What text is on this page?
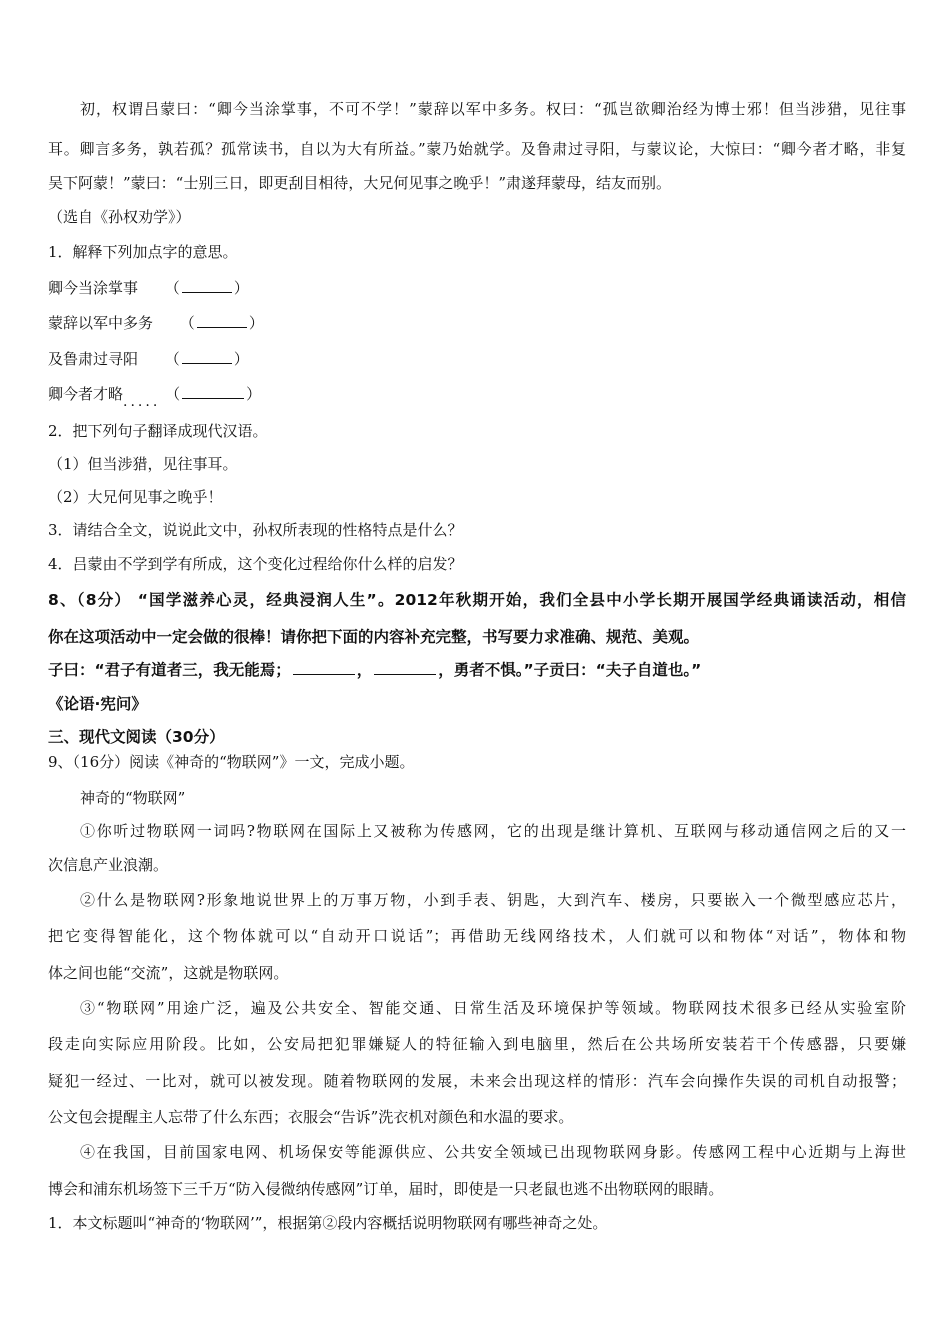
初，权谓吕蒙曰：“卿今当涂掌事，不可不学！”蒙辞以军中多务。权曰：“孤岂欲卿治经为博士邪！但当涉猎，见往事
耳。卿言多务，孰若孤？孤常读书，自以为大有所益。”蒙乃始就学。及鲁肃过寻阳，与蒙议论，大惊曰：“卿今者才略，非复
吴下阿蒙！”蒙曰：“士别三日，即更刮目相待，大兄何见事之晚乎！”肃遂拜蒙母，结友而别。
（选自《孙权劝学》）
1．解释下列加点字的意思。
卿今当涂掌事 （	）
蒙辞以军中多务 （	）
及鲁肃过寻阳 （	）
卿今者才略..... （	）
2．把下列句子翻译成现代汉语。
（1）但当涉猎，见往事耳。
（2）大兄何见事之晚乎！
3．请结合全文，说说此文中，孙权所表现的性格特点是什么？
4．吕蒙由不学到学有所成，这个变化过程给你什么样的启发？
8、（8分） “国学滋养心灵，经典浸润人生”。2012年秋期开始，我们全县中小学长期开展国学经典诵读活动，相信
你在这项活动中一定会做的很棒！请你把下面的内容补充完整，书写要力求准确、规范、美观。
子曰：“君子有道者三，我无能焉；	，	，勇者不惧。”子贡曰：“夫子自道也。”
《论语·宪问》
三、现代文阅读（30分）
9、（16分）阅读《神奇的“物联网”》一文，完成小题。
神奇的“物联网”
①你听过物联网一词吗?物联网在国际上又被称为传感网，它的出现是继计算机、互联网与移动通信网之后的又一
次信息产业浪潮。
②什么是物联网?形象地说世界上的万事万物，小到手表、钥匙，大到汽车、楼房，只要嵌入一个微型感应芯片，
把它变得智能化，这个物体就可以“自动开口说话”；再借助无线网络技术，人们就可以和物体“对话”，物体和物
体之间也能“交流”，这就是物联网。
③“物联网”用途广泛，遍及公共安全、智能交通、日常生活及环境保护等领域。物联网技术很多已经从实验室阶
段走向实际应用阶段。比如，公安局把犯罪嫌疑人的特征输入到电脑里，然后在公共场所安装若干个传感器，只要嫌
疑犯一经过、一比对，就可以被发现。随着物联网的发展，未来会出现这样的情形：汽车会向操作失误的司机自动报警；
公文包会提醒主人忘带了什么东西；衣服会“告诉”洗衣机对颜色和水温的要求。
④在我国，目前国家电网、机场保安等能源供应、公共安全领域已出现物联网身影。传感网工程中心近期与上海世
博会和浦东机场签下三千万“防入侵微纳传感网”订单，届时，即使是一只老鼠也逃不出物联网的眼睛。
1．本文标题叫“神奇的‘物联网’”，根据第②段内容概括说明物联网有哪些神奇之处。
